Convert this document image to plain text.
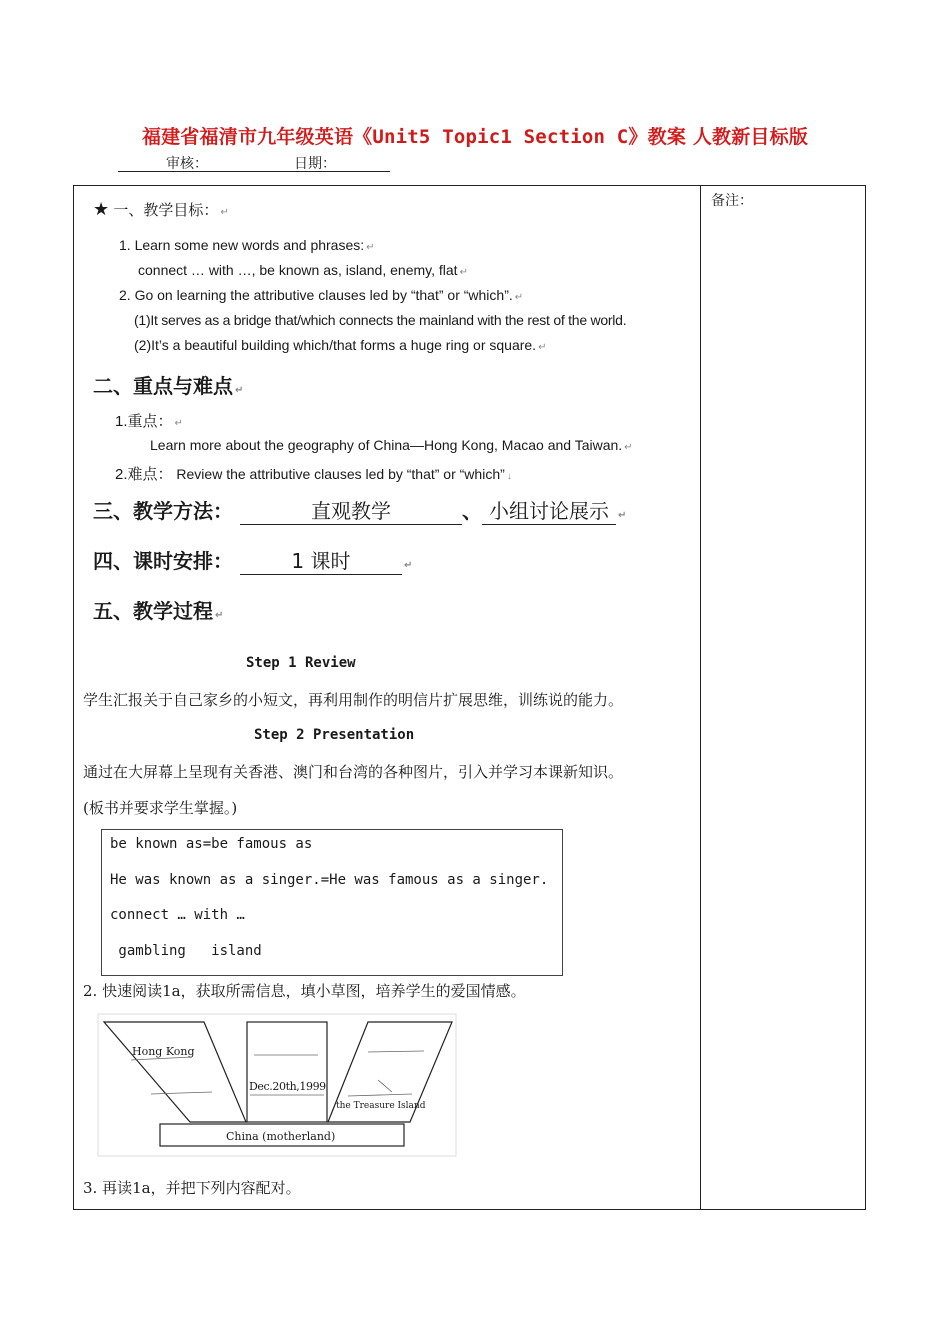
福建省福清市九年级英语《Unit5 Topic1 Section C》教案 人教新目标版
审核：	日期：
备注：
★ 一、教学目标： ↵
1. Learn some new words and phrases: ↵
connect … with …, be known as, island, enemy, flat ↵
2. Go on learning the attributive clauses led by “that” or “which”. ↵
(1)It serves as a bridge that/which connects the mainland with the rest of the world.
(2)It’s a beautiful building which/that forms a huge ring or square. ↵
二、重点与难点 ↵
1.重点： ↵
Learn more about the geography of China—Hong Kong, Macao and Taiwan. ↵
2.难点： Review the attributive clauses led by “that” or “which” ↓
三、教学方法：	直观教学	、 小组讨论展示 ↵
四、课时安排：	1 课时	↵
五、教学过程 ↵
Step 1 Review
学生汇报关于自己家乡的小短文，再利用制作的明信片扩展思维，训练说的能力。
Step 2 Presentation
通过在大屏幕上呈现有关香港、澳门和台湾的各种图片，引入并学习本课新知识。
(板书并要求学生掌握。)
be known as=be famous as
He was known as a singer.=He was famous as a singer.
connect … with …
gambling   island
2. 快速阅读1a，获取所需信息，填小草图，培养学生的爱国情感。
Hong Kong
Dec.20th,1999
the Treasure Island
China (motherland)
3. 再读1a，并把下列内容配对。
